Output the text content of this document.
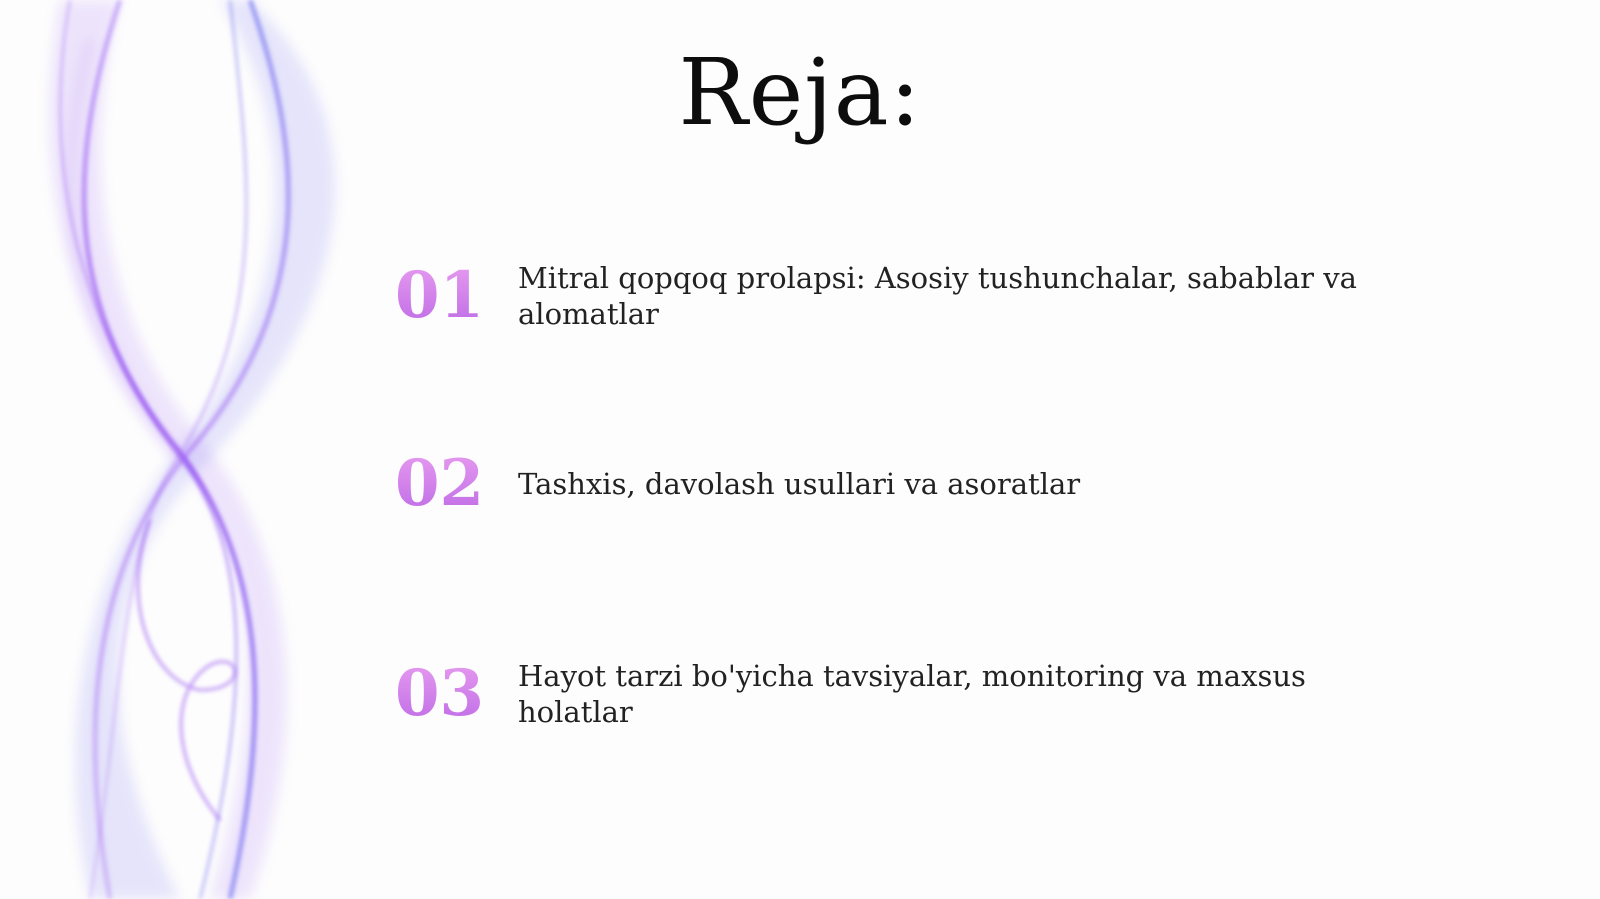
Reja:
01	Mitral qopqoq prolapsi: Asosiy tushunchalar, sabablar va alomatlar
02	Tashxis, davolash usullari va asoratlar
03	Hayot tarzi bo'yicha tavsiyalar, monitoring va maxsus holatlar
